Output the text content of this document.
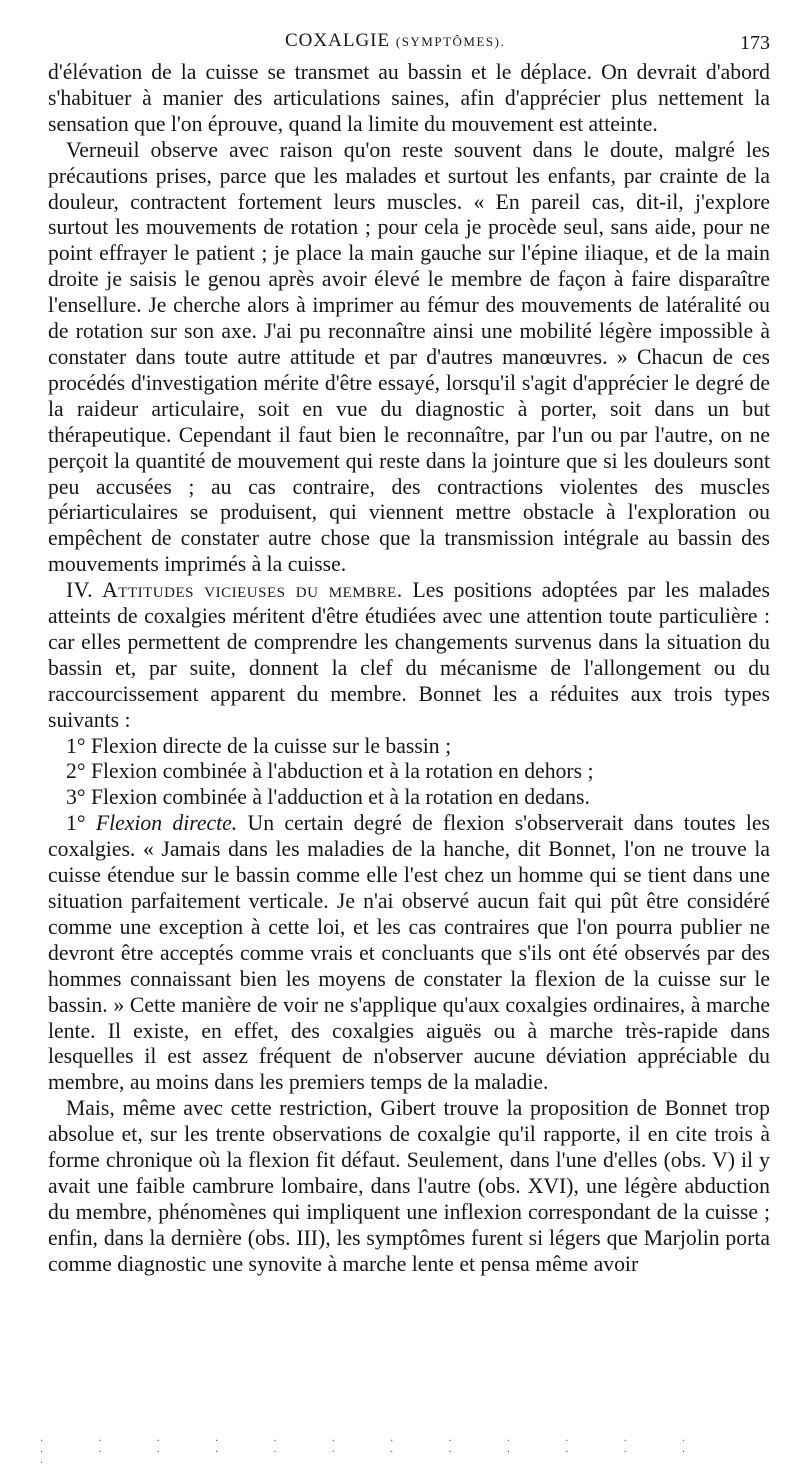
COXALGIE (SYMPTÔMES).	173

d'élévation de la cuisse se transmet au bassin et le déplace. On devrait d'abord s'habituer à manier des articulations saines, afin d'apprécier plus nettement la sensation que l'on éprouve, quand la limite du mouvement est atteinte.

Verneuil observe avec raison qu'on reste souvent dans le doute, malgré les précautions prises, parce que les malades et surtout les enfants, par crainte de la douleur, contractent fortement leurs muscles. « En pareil cas, dit-il, j'explore surtout les mouvements de rotation ; pour cela je procède seul, sans aide, pour ne point effrayer le patient ; je place la main gauche sur l'épine iliaque, et de la main droite je saisis le genou après avoir élevé le membre de façon à faire disparaître l'ensellure. Je cherche alors à imprimer au fémur des mouvements de latéralité ou de rotation sur son axe. J'ai pu reconnaître ainsi une mobilité légère impossible à constater dans toute autre attitude et par d'autres manœuvres. » Chacun de ces procédés d'investigation mérite d'être essayé, lorsqu'il s'agit d'apprécier le degré de la raideur articulaire, soit en vue du diagnostic à porter, soit dans un but thérapeutique. Cependant il faut bien le reconnaître, par l'un ou par l'autre, on ne perçoit la quantité de mouvement qui reste dans la jointure que si les douleurs sont peu accusées ; au cas contraire, des contractions violentes des muscles périarticulaires se produisent, qui viennent mettre obstacle à l'exploration ou empêchent de constater autre chose que la transmission intégrale au bassin des mouvements imprimés à la cuisse.

IV. Attitudes vicieuses du membre. Les positions adoptées par les malades atteints de coxalgies méritent d'être étudiées avec une attention toute particulière : car elles permettent de comprendre les changements survenus dans la situation du bassin et, par suite, donnent la clef du mécanisme de l'allongement ou du raccourcissement apparent du membre. Bonnet les a réduites aux trois types suivants :

1° Flexion directe de la cuisse sur le bassin ;

2° Flexion combinée à l'abduction et à la rotation en dehors ;

3° Flexion combinée à l'adduction et à la rotation en dedans.

1° Flexion directe. Un certain degré de flexion s'observerait dans toutes les coxalgies. « Jamais dans les maladies de la hanche, dit Bonnet, l'on ne trouve la cuisse étendue sur le bassin comme elle l'est chez un homme qui se tient dans une situation parfaitement verticale. Je n'ai observé aucun fait qui pût être considéré comme une exception à cette loi, et les cas contraires que l'on pourra publier ne devront être acceptés comme vrais et concluants que s'ils ont été observés par des hommes connaissant bien les moyens de constater la flexion de la cuisse sur le bassin. » Cette manière de voir ne s'applique qu'aux coxalgies ordinaires, à marche lente. Il existe, en effet, des coxalgies aiguës ou à marche très-rapide dans lesquelles il est assez fréquent de n'observer aucune déviation appréciable du membre, au moins dans les premiers temps de la maladie.

Mais, même avec cette restriction, Gibert trouve la proposition de Bonnet trop absolue et, sur les trente observations de coxalgie qu'il rapporte, il en cite trois à forme chronique où la flexion fit défaut. Seulement, dans l'une d'elles (obs. V) il y avait une faible cambrure lombaire, dans l'autre (obs. XVI), une légère abduction du membre, phénomènes qui impliquent une inflexion correspondant de la cuisse ; enfin, dans la dernière (obs. III), les symptômes furent si légers que Marjolin porta comme diagnostic une synovite à marche lente et pensa même avoir

· · · · · · · · · · · · · · · · · · · · · · · · ·
